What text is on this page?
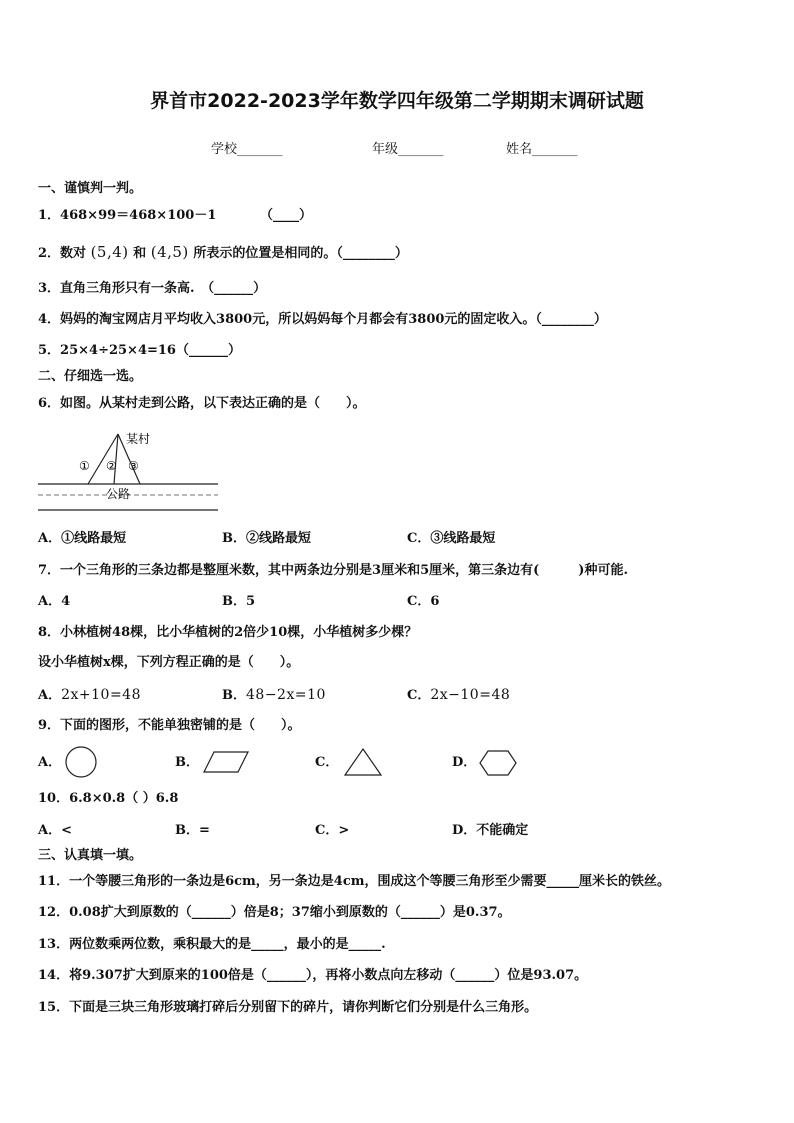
界首市2022-2023学年数学四年级第二学期期末调研试题
学校_______	年级_______	姓名_______
一、谨慎判一判。
1．468×99＝468×100－1	（____）
2．数对 (5,4) 和 (4,5) 所表示的位置是相同的。（________）
3．直角三角形只有一条高.　（______）
4．妈妈的淘宝网店月平均收入3800元，所以妈妈每个月都会有3800元的固定收入。（________）
5．25×4÷25×4=16（______）
二、仔细选一选。
6．如图。从某村走到公路，以下表达正确的是（　　）。
某村
① ② ③
公路
A．①线路最短	B．②线路最短	C．③线路最短
7．一个三角形的三条边都是整厘米数，其中两条边分别是3厘米和5厘米，第三条边有(　　　)种可能.
A．4	B．5	C．6
8．小林植树48棵，比小华植树的2倍少10棵，小华植树多少棵？
设小华植树x棵，下列方程正确的是（　　）。
A．2x+10=48	B．48−2x=10	C．2x−10=48
9．下面的图形，不能单独密铺的是（　　）。
A．	B．	C．	D．
10．6.8×0.8（ ）6.8
A．<	B．=	C．>	D．不能确定
三、认真填一填。
11．一个等腰三角形的一条边是6cm，另一条边是4cm，围成这个等腰三角形至少需要_____厘米长的铁丝。
12．0.08扩大到原数的（______）倍是8；37缩小到原数的（______）是0.37。
13．两位数乘两位数，乘积最大的是_____，最小的是_____.
14．将9.307扩大到原来的100倍是（______），再将小数点向左移动（______）位是93.07。
15．下面是三块三角形玻璃打碎后分别留下的碎片，请你判断它们分别是什么三角形。
